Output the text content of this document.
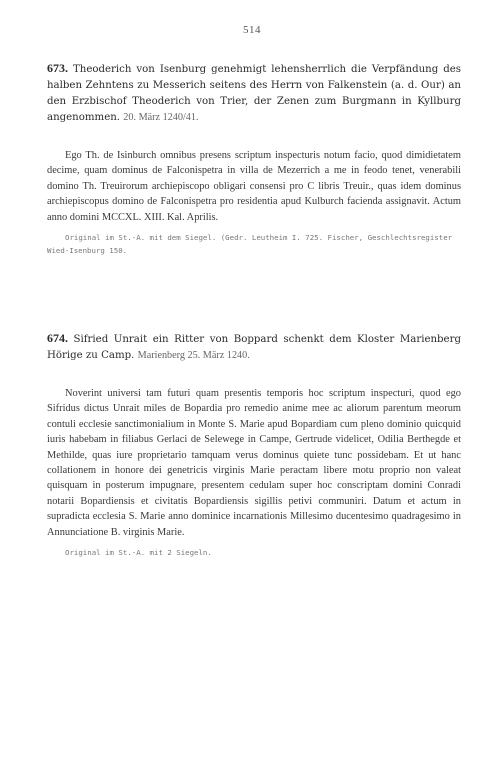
514
673. Theoderich von Isenburg genehmigt lehensherrlich die Verpfändung des halben Zehntens zu Messerich seitens des Herrn von Falkenstein (a. d. Our) an den Erzbischof Theoderich von Trier, der Zenen zum Burgmann in Kyllburg angenommen. 20. März 1240/41.
Ego Th. de Isinburch omnibus presens scriptum inspecturis notum facio, quod dimidietatem decime, quam dominus de Falconispetra in villa de Mezerrich a me in feodo tenet, venerabili domino Th. Treuirorum archiepiscopo obligari consensi pro C libris Treuir., quas idem dominus archiepiscopus domino de Falconispetra pro residentia apud Kulburch facienda assignavit. Actum anno domini MCCXL. XIII. Kal. Aprilis.
Original im St.-A. mit dem Siegel. (Gedr. Leutheim I. 725. Fischer, Geschlechtsregister Wied-Isenburg 150.
674. Sifried Unrait ein Ritter von Boppard schenkt dem Kloster Marienberg Hörige zu Camp. Marienberg 25. März 1240.
Noverint universi tam futuri quam presentis temporis hoc scriptum inspecturi, quod ego Sifridus dictus Unrait miles de Bopardia pro remedio anime mee ac aliorum parentum meorum contuli ecclesie sanctimonialium in Monte S. Marie apud Bopardiam cum pleno dominio quicquid iuris habebam in filiabus Gerlaci de Selewege in Campe, Gertrude videlicet, Odilia Berthegde et Methilde, quas iure proprietario tamquam verus dominus quiete tunc possidebam. Et ut hanc collationem in honore dei genetricis virginis Marie peractam libere motu proprio non valeat quisquam in posterum impugnare, presentem cedulam super hoc conscriptam domini Conradi notarii Bopardiensis et civitatis Bopardiensis sigillis petivi communiri. Datum et actum in supradicta ecclesia S. Marie anno dominice incarnationis Millesimo ducentesimo quadragesimo in Annunciatione B. virginis Marie.
Original im St.-A. mit 2 Siegeln.
